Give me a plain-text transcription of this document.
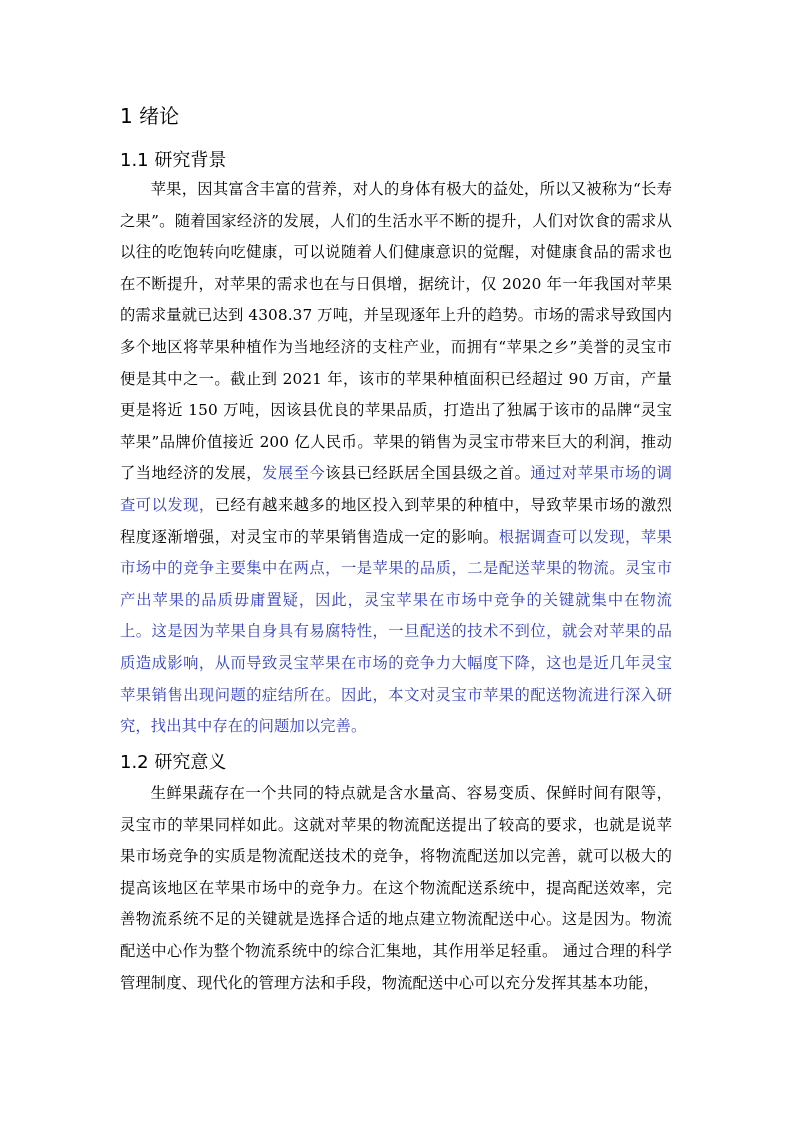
1 绪论
1.1 研究背景

苹果，因其富含丰富的营养，对人的身体有极大的益处，所以又被称为“长寿之果”。随着国家经济的发展，人们的生活水平不断的提升，人们对饮食的需求从以往的吃饱转向吃健康，可以说随着人们健康意识的觉醒，对健康食品的需求也在不断提升，对苹果的需求也在与日俱增，据统计，仅 2020 年一年我国对苹果的需求量就已达到 4308.37 万吨，并呈现逐年上升的趋势。市场的需求导致国内多个地区将苹果种植作为当地经济的支柱产业，而拥有“苹果之乡”美誉的灵宝市便是其中之一。截止到 2021 年，该市的苹果种植面积已经超过 90 万亩，产量更是将近 150 万吨，因该县优良的苹果品质，打造出了独属于该市的品牌“灵宝苹果”品牌价值接近 200 亿人民币。苹果的销售为灵宝市带来巨大的利润，推动了当地经济的发展，发展至今该县已经跃居全国县级之首。通过对苹果市场的调查可以发现，已经有越来越多的地区投入到苹果的种植中，导致苹果市场的激烈程度逐渐增强，对灵宝市的苹果销售造成一定的影响。根据调查可以发现，苹果市场中的竞争主要集中在两点，一是苹果的品质，二是配送苹果的物流。灵宝市产出苹果的品质毋庸置疑，因此，灵宝苹果在市场中竞争的关键就集中在物流上。这是因为苹果自身具有易腐特性，一旦配送的技术不到位，就会对苹果的品质造成影响，从而导致灵宝苹果在市场的竞争力大幅度下降，这也是近几年灵宝苹果销售出现问题的症结所在。因此，本文对灵宝市苹果的配送物流进行深入研究，找出其中存在的问题加以完善。

1.2 研究意义

生鲜果蔬存在一个共同的特点就是含水量高、容易变质、保鲜时间有限等，灵宝市的苹果同样如此。这就对苹果的物流配送提出了较高的要求，也就是说苹果市场竞争的实质是物流配送技术的竞争，将物流配送加以完善，就可以极大的提高该地区在苹果市场中的竞争力。在这个物流配送系统中，提高配送效率，完善物流系统不足的关键就是选择合适的地点建立物流配送中心。这是因为。物流配送中心作为整个物流系统中的综合汇集地，其作用举足轻重。 通过合理的科学管理制度、现代化的管理方法和手段，物流配送中心可以充分发挥其基本功能，
